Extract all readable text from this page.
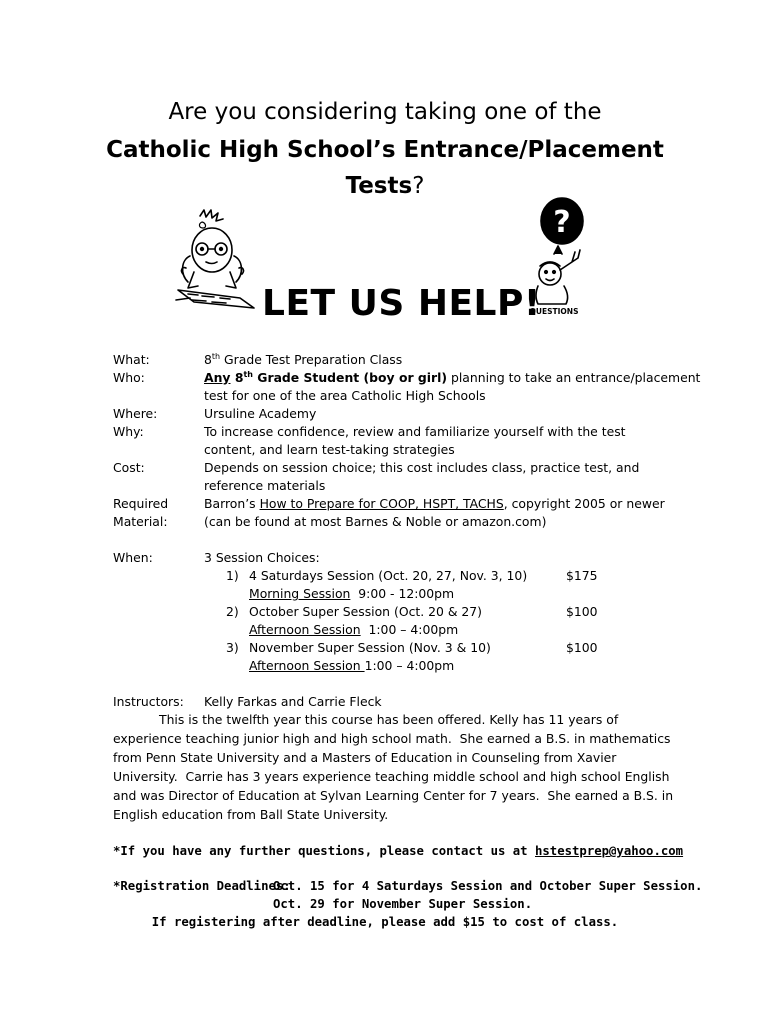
Are you considering taking one of the
Catholic High School’s Entrance/Placement
Tests?
?
QUESTIONS
LET US HELP!
What:	8th Grade Test Preparation Class
Who:	Any 8th Grade Student (boy or girl) planning to take an entrance/placement
test for one of the area Catholic High Schools
Where:	Ursuline Academy
Why:	To increase confidence, review and familiarize yourself with the test
content, and learn test-taking strategies
Cost:	Depends on session choice; this cost includes class, practice test, and
reference materials
Required
Material:
Barron’s How to Prepare for COOP, HSPT, TACHS, copyright 2005 or newer
(can be found at most Barnes & Noble or amazon.com)
When:	3 Session Choices:
1) 4 Saturdays Session (Oct. 20, 27, Nov. 3, 10)	$175
Morning Session  9:00 - 12:00pm
2) October Super Session (Oct. 20 & 27)	$100
Afternoon Session  1:00 – 4:00pm
3) November Super Session (Nov. 3 & 10)	$100
Afternoon Session 1:00 – 4:00pm
Instructors: Kelly Farkas and Carrie Fleck
This is the twelfth year this course has been offered. Kelly has 11 years of
experience teaching junior high and high school math.  She earned a B.S. in mathematics
from Penn State University and a Masters of Education in Counseling from Xavier
University.  Carrie has 3 years experience teaching middle school and high school English
and was Director of Education at Sylvan Learning Center for 7 years.  She earned a B.S. in
English education from Ball State University.
*If you have any further questions, please contact us at hstestprep@yahoo.com
*Registration Deadlines:
Oct. 15 for 4 Saturdays Session and October Super Session.
Oct. 29 for November Super Session.
If registering after deadline, please add $15 to cost of class.
